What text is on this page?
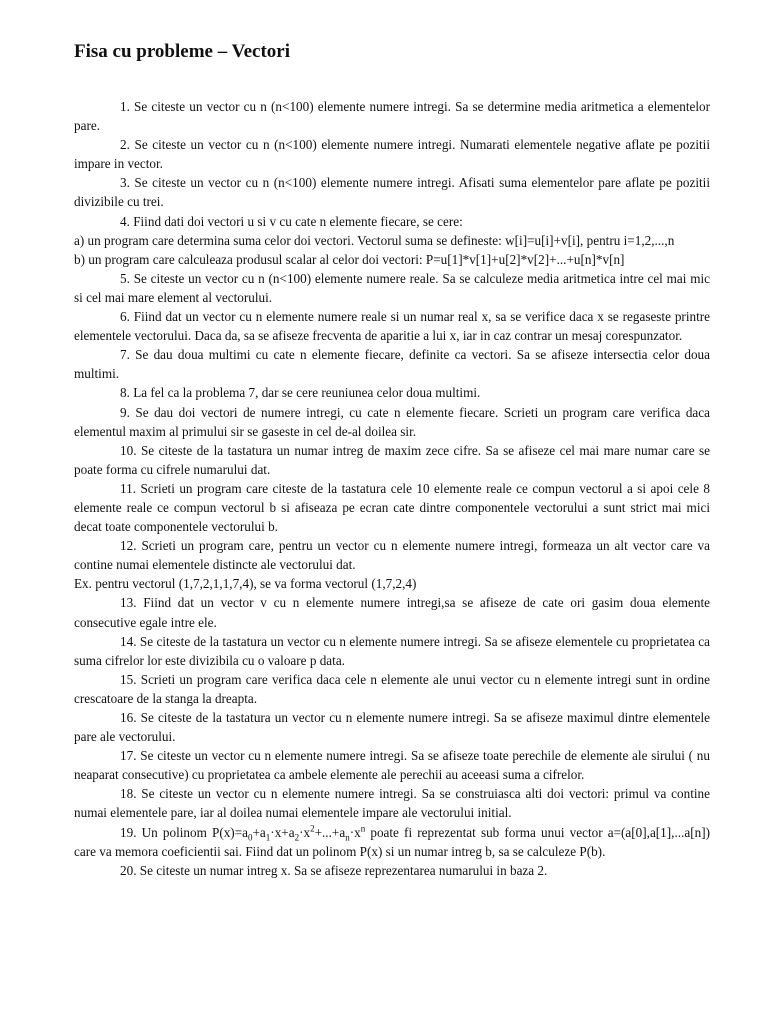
Fisa cu probleme – Vectori

1. Se citeste un vector cu n (n<100) elemente numere intregi. Sa se determine media aritmetica a elementelor pare.

2. Se citeste un vector cu n (n<100) elemente numere intregi. Numarati elementele negative aflate pe pozitii impare in vector.

3. Se citeste un vector cu n (n<100) elemente numere intregi. Afisati suma elementelor pare aflate pe pozitii divizibile cu trei.

4. Fiind dati doi vectori u si v cu cate n elemente fiecare, se cere:

a) un program care determina suma celor doi vectori. Vectorul suma se defineste: w[i]=u[i]+v[i], pentru i=1,2,...,n

b) un program care calculeaza produsul scalar al celor doi vectori: P=u[1]*v[1]+u[2]*v[2]+...+u[n]*v[n]

5. Se citeste un vector cu n (n<100) elemente numere reale. Sa se calculeze media aritmetica intre cel mai mic si cel mai mare element al vectorului.

6. Fiind dat un vector cu n elemente numere reale si un numar real x, sa se verifice daca x se regaseste printre elementele vectorului. Daca da, sa se afiseze frecventa de aparitie a lui x, iar in caz contrar un mesaj corespunzator.

7. Se dau doua multimi cu cate n elemente fiecare, definite ca vectori. Sa se afiseze intersectia celor doua multimi.

8. La fel ca la problema 7, dar se cere reuniunea celor doua multimi.

9. Se dau doi vectori de numere intregi, cu cate n elemente fiecare. Scrieti un program care verifica daca elementul maxim al primului sir se gaseste in cel de-al doilea sir.

10. Se citeste de la tastatura un numar intreg de maxim zece cifre. Sa se afiseze cel mai mare numar care se poate forma cu cifrele numarului dat.

11. Scrieti un program care citeste de la tastatura cele 10 elemente reale ce compun vectorul a si apoi cele 8 elemente reale ce compun vectorul b si afiseaza pe ecran cate dintre componentele vectorului a sunt strict mai mici decat toate componentele vectorului b.

12. Scrieti un program care, pentru un vector cu n elemente numere intregi, formeaza un alt vector care va contine numai elementele distincte ale vectorului dat.

Ex. pentru vectorul (1,7,2,1,1,7,4), se va forma vectorul (1,7,2,4)

13. Fiind dat un vector v cu n elemente numere intregi,sa se afiseze de cate ori gasim doua elemente consecutive egale intre ele.

14. Se citeste de la tastatura un vector cu n elemente numere intregi. Sa se afiseze elementele cu proprietatea ca suma cifrelor lor este divizibila cu o valoare p data.

15. Scrieti un program care verifica daca cele n elemente ale unui vector cu n elemente intregi sunt in ordine crescatoare de la stanga la dreapta.

16. Se citeste de la tastatura un vector cu n elemente numere intregi. Sa se afiseze maximul dintre elementele pare ale vectorului.

17. Se citeste un vector cu n elemente numere intregi. Sa se afiseze toate perechile de elemente ale sirului ( nu neaparat consecutive) cu proprietatea ca ambele elemente ale perechii au aceeasi suma a cifrelor.

18. Se citeste un vector cu n elemente numere intregi. Sa se construiasca alti doi vectori: primul va contine numai elementele pare, iar al doilea numai elementele impare ale vectorului initial.

19. Un polinom $P(x)=a_0+a_1\cdot x+a_2\cdot x^2+...+a_n\cdot x^n$ poate fi reprezentat sub forma unui vector a=(a[0],a[1],...a[n]) care va memora coeficientii sai. Fiind dat un polinom P(x) si un numar intreg b, sa se calculeze P(b).

20. Se citeste un numar intreg x. Sa se afiseze reprezentarea numarului in baza 2.
